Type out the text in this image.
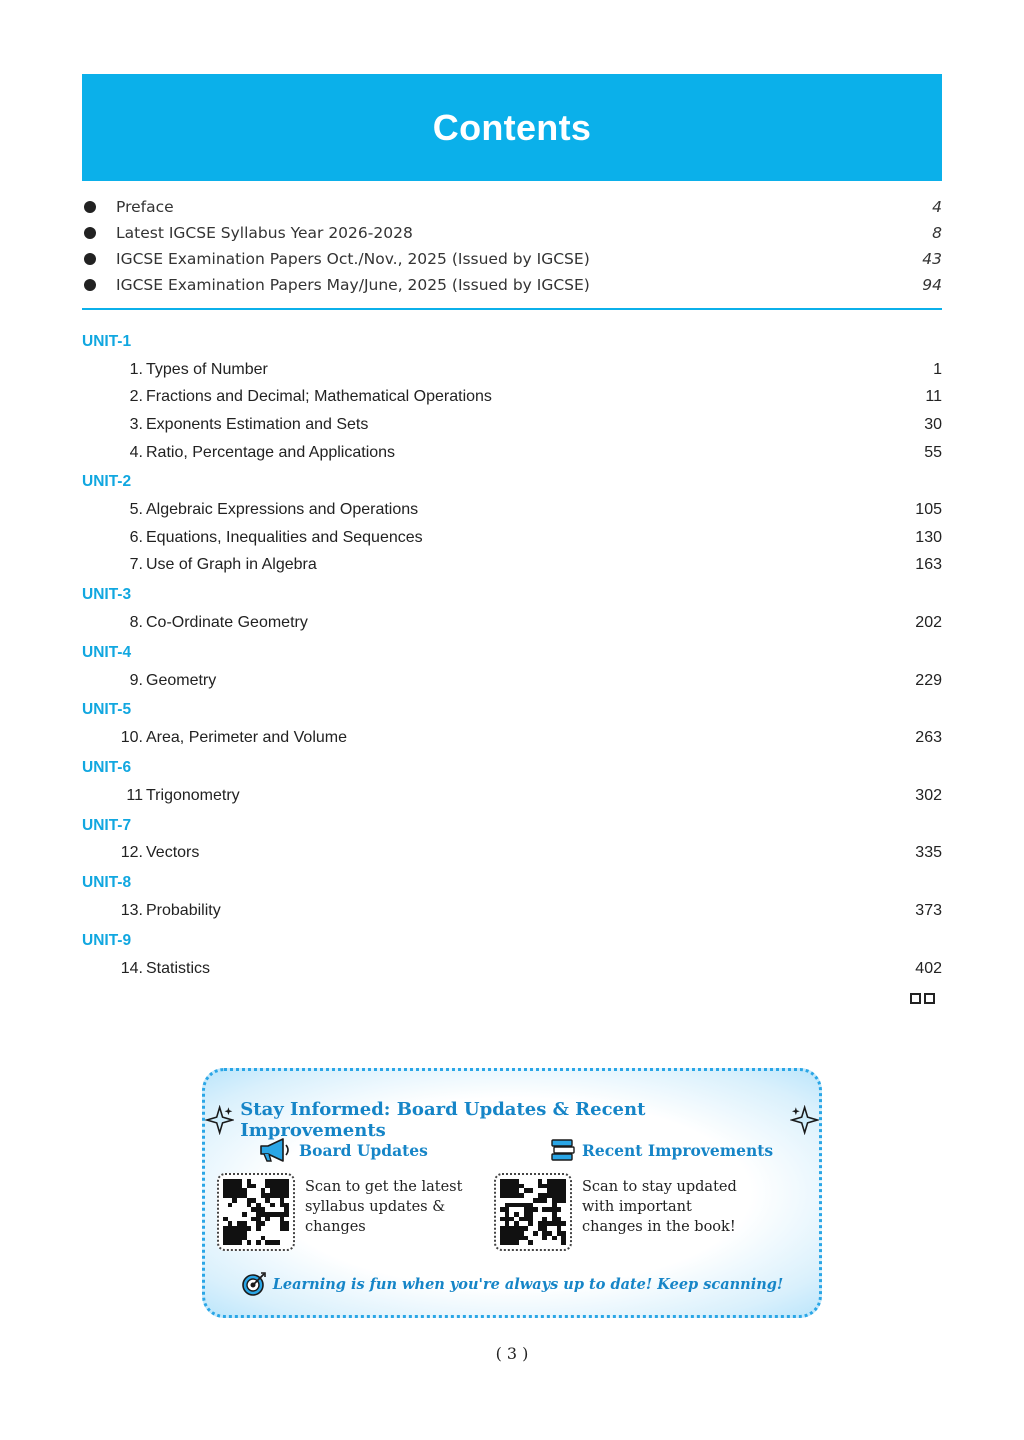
Contents
Preface	4
Latest IGCSE Syllabus Year 2026-2028	8
IGCSE Examination Papers Oct./Nov., 2025 (Issued by IGCSE)	43
IGCSE Examination Papers May/June, 2025 (Issued by IGCSE)	94
UNIT-1
1. Types of Number	1
2. Fractions and Decimal; Mathematical Operations	11
3. Exponents Estimation and Sets	30
4. Ratio, Percentage and Applications	55
UNIT-2
5. Algebraic Expressions and Operations	105
6. Equations, Inequalities and Sequences	130
7. Use of Graph in Algebra	163
UNIT-3
8. Co-Ordinate Geometry	202
UNIT-4
9. Geometry	229
UNIT-5
10. Area, Perimeter and Volume	263
UNIT-6
11 Trigonometry	302
UNIT-7
12. Vectors	335
UNIT-8
13. Probability	373
UNIT-9
14. Statistics	402
Stay Informed: Board Updates & Recent Improvements
Board Updates
Scan to get the latest syllabus updates & changes
Recent Improvements
Scan to stay updated with important changes in the book!
Learning is fun when you're always up to date! Keep scanning!
( 3 )
